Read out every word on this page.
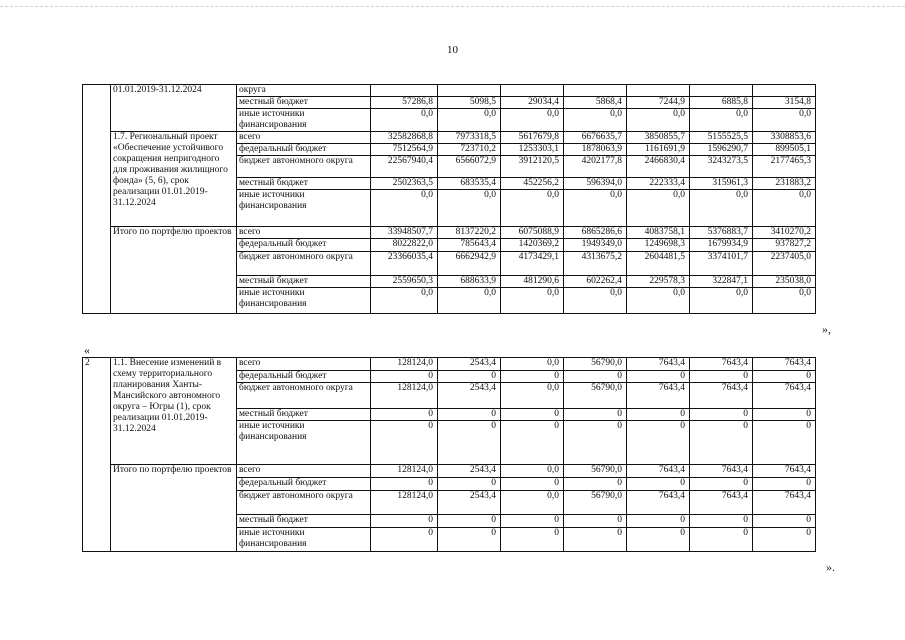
10
	01.01.2019-31.12.2024	округа							
		местный бюджет	57286,8	5098,5	29034,4	5868,4	7244,9	6885,8	3154,8
		иные источники финансирования	0,0	0,0	0,0	0,0	0,0	0,0	0,0
	1.7. Региональный проект «Обеспечение устойчивого сокращения непригодного для проживания жилищного фонда» (5, 6), срок реализации 01.01.2019-31.12.2024	всего	32582868,8	7973318,5	5617679,8	6676635,7	3850855,7	5155525,5	3308853,6
		федеральный бюджет	7512564,9	723710,2	1253303,1	1878063,9	1161691,9	1596290,7	899505,1
		бюджет автономного округа	22567940,4	6566072,9	3912120,5	4202177,8	2466830,4	3243273,5	2177465,3
		местный бюджет	2502363,5	683535,4	452256,2	596394,0	222333,4	315961,3	231883,2
		иные источники финансирования	0,0	0,0	0,0	0,0	0,0	0,0	0,0
	Итого по портфелю проектов	всего	33948507,7	8137220,2	6075088,9	6865286,6	4083758,1	5376883,7	3410270,2
		федеральный бюджет	8022822,0	785643,4	1420369,2	1949349,0	1249698,3	1679934,9	937827,2
		бюджет автономного округа	23366035,4	6662942,9	4173429,1	4313675,2	2604481,5	3374101,7	2237405,0
		местный бюджет	2559650,3	688633,9	481290,6	602262,4	229578,3	322847,1	235038,0
		иные источники финансирования	0,0	0,0	0,0	0,0	0,0	0,0	0,0
»,
«
2	1.1. Внесение изменений в схему территориального планирования Ханты-Мансийского автономного округа – Югры (1), срок реализации 01.01.2019-31.12.2024	всего	128124,0	2543,4	0,0	56790,0	7643,4	7643,4	7643,4
		федеральный бюджет	0	0	0	0	0	0	0
		бюджет автономного округа	128124,0	2543,4	0,0	56790,0	7643,4	7643,4	7643,4
		местный бюджет	0	0	0	0	0	0	0
		иные источники финансирования	0	0	0	0	0	0	0
	Итого по портфелю проектов	всего	128124,0	2543,4	0,0	56790,0	7643,4	7643,4	7643,4
		федеральный бюджет	0	0	0	0	0	0	0
		бюджет автономного округа	128124,0	2543,4	0,0	56790,0	7643,4	7643,4	7643,4
		местный бюджет	0	0	0	0	0	0	0
		иные источники финансирования	0	0	0	0	0	0	0
».
